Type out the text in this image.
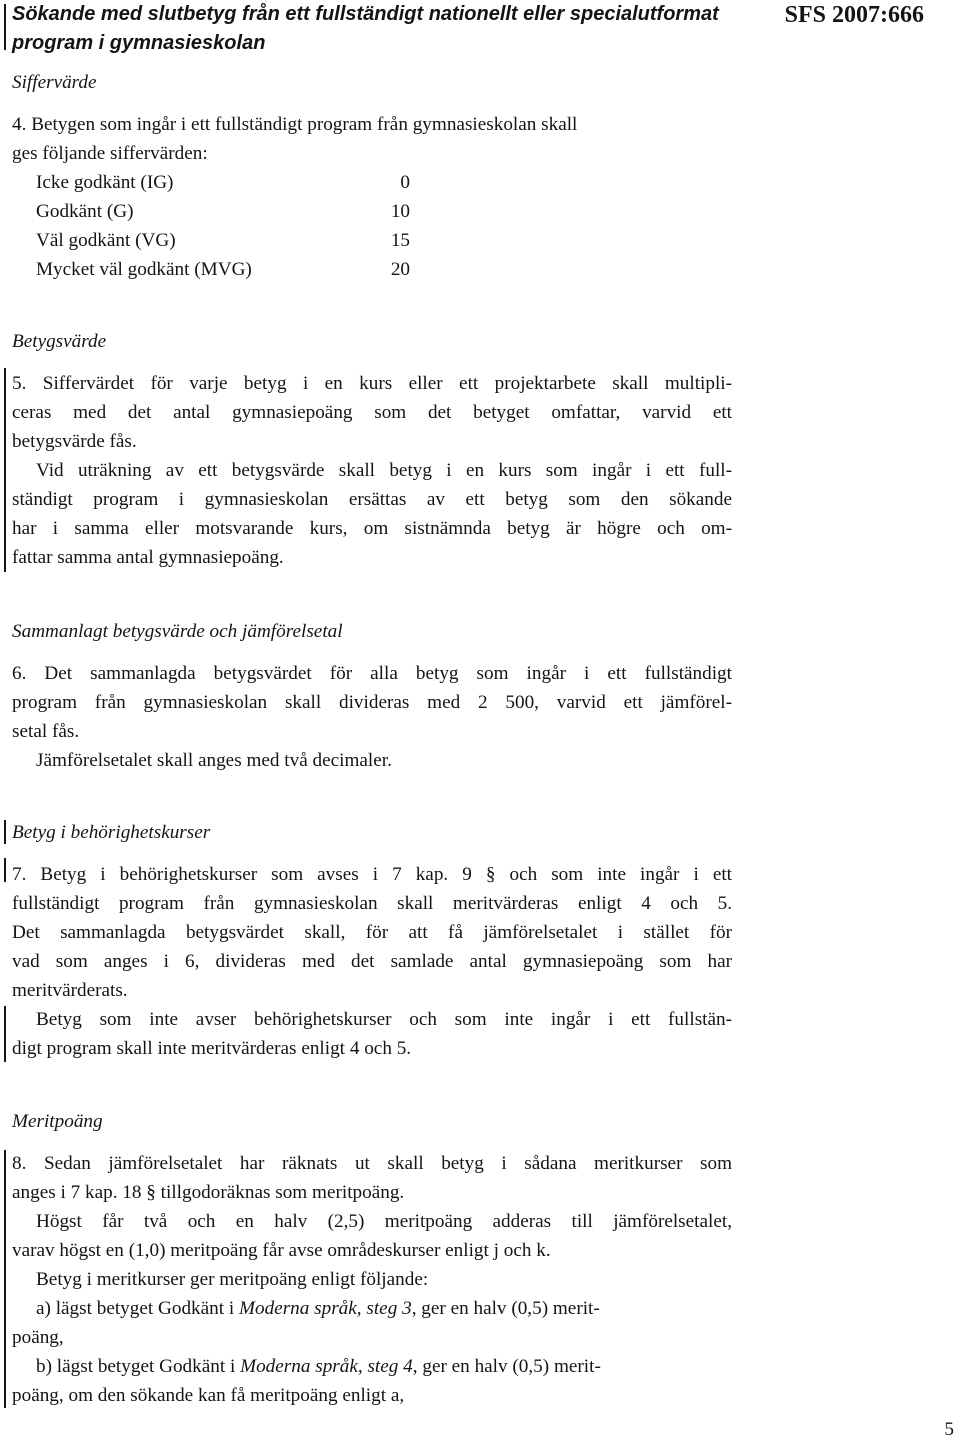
Sökande med slutbetyg från ett fullständigt nationellt eller specialutformat
program i gymnasieskolan
SFS 2007:666
Siffervärde
4. Betygen som ingår i ett fullständigt program från gymnasieskolan skall
ges följande siffervärden:
Icke godkänt (IG)	0
Godkänt (G)	10
Väl godkänt (VG)	15
Mycket väl godkänt (MVG)	20
Betygsvärde
5. Siffervärdet för varje betyg i en kurs eller ett projektarbete skall multipli-
ceras med det antal gymnasiepoäng som det betyget omfattar, varvid ett
betygsvärde fås.
Vid uträkning av ett betygsvärde skall betyg i en kurs som ingår i ett full-
ständigt program i gymnasieskolan ersättas av ett betyg som den sökande
har i samma eller motsvarande kurs, om sistnämnda betyg är högre och om-
fattar samma antal gymnasiepoäng.
Sammanlagt betygsvärde och jämförelsetal
6. Det sammanlagda betygsvärdet för alla betyg som ingår i ett fullständigt
program från gymnasieskolan skall divideras med 2 500, varvid ett jämförel-
setal fås.
Jämförelsetalet skall anges med två decimaler.
Betyg i behörighetskurser
7. Betyg i behörighetskurser som avses i 7 kap. 9 § och som inte ingår i ett
fullständigt program från gymnasieskolan skall meritvärderas enligt 4 och 5.
Det sammanlagda betygsvärdet skall, för att få jämförelsetalet i stället för
vad som anges i 6, divideras med det samlade antal gymnasiepoäng som har
meritvärderats.
Betyg som inte avser behörighetskurser och som inte ingår i ett fullstän-
digt program skall inte meritvärderas enligt 4 och 5.
Meritpoäng
8. Sedan jämförelsetalet har räknats ut skall betyg i sådana meritkurser som
anges i 7 kap. 18 § tillgodoräknas som meritpoäng.
Högst får två och en halv (2,5) meritpoäng adderas till jämförelsetalet,
varav högst en (1,0) meritpoäng får avse områdeskurser enligt j och k.
Betyg i meritkurser ger meritpoäng enligt följande:
a) lägst betyget Godkänt i Moderna språk, steg 3, ger en halv (0,5) merit-
poäng,
b) lägst betyget Godkänt i Moderna språk, steg 4, ger en halv (0,5) merit-
poäng, om den sökande kan få meritpoäng enligt a,
5
